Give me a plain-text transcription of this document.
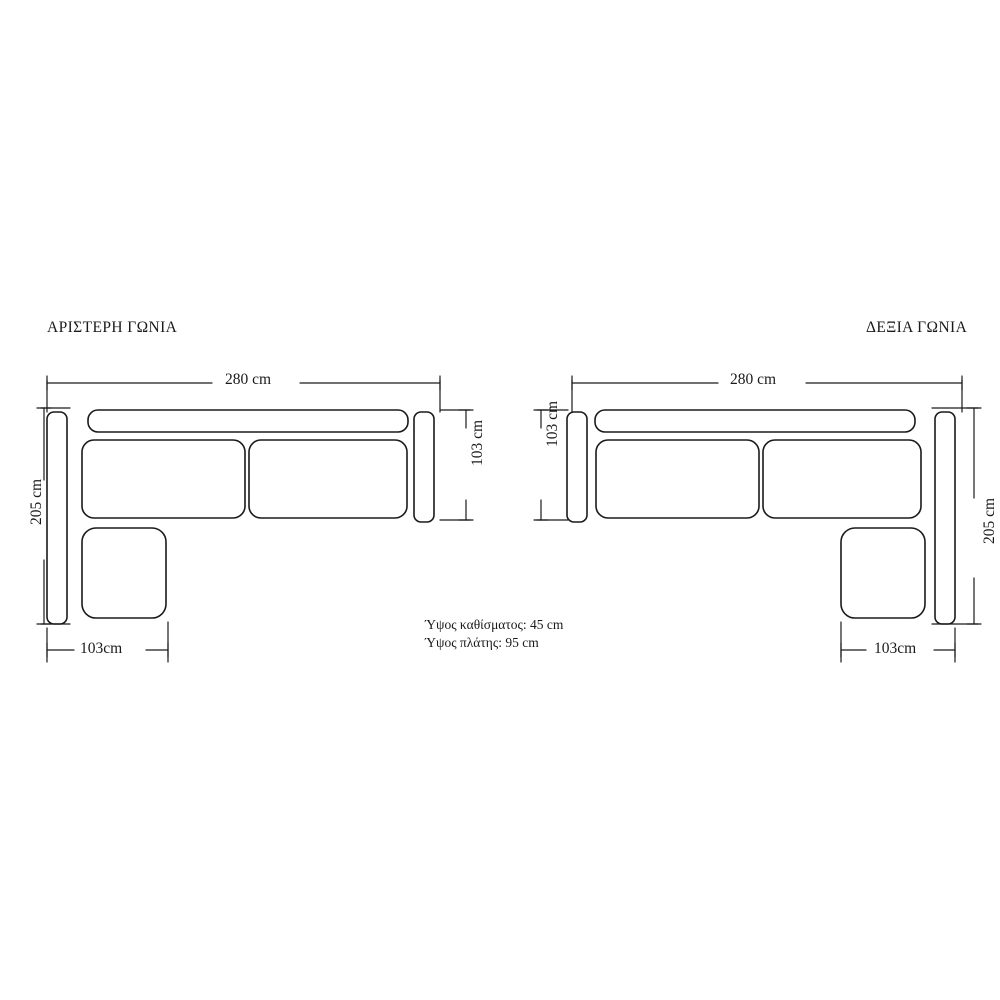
ΑΡΙΣΤΕΡΗ ΓΩΝΙΑ	ΔΕΞΙΑ ΓΩΝΙΑ
280 cm	280 cm
103cm	103cm
205 cm	205 cm
103 cm	103 cm
Ύψος καθίσματος: 45 cm
Ύψος πλάτης: 95 cm
